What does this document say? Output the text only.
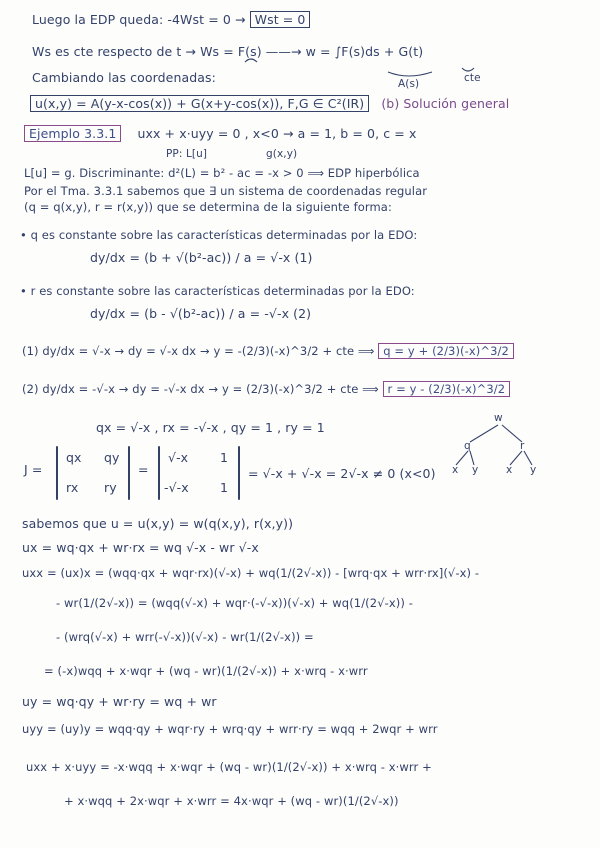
Luego la EDP queda: -4Wst = 0 → Wst = 0
Ws es cte respecto de t → Ws = F(s) ——→ w = ∫F(s)ds + G(t)
A(s)	cte
Cambiando las coordenadas:
u(x,y) = A(y-x-cos(x)) + G(x+y-cos(x)), F,G ∈ C²(IR) (b) Solución general
Ejemplo 3.3.1 uxx + x·uyy = 0 , x<0 → a = 1, b = 0, c = x
PP: L[u]	g(x,y)
L[u] = g. Discriminante: d²(L) = b² - ac = -x > 0 ⟹ EDP hiperbólica
Por el Tma. 3.3.1 sabemos que ∃ un sistema de coordenadas regular
(q = q(x,y), r = r(x,y)) que se determina de la siguiente forma:
• q es constante sobre las características determinadas por la EDO:
dy/dx = (b + √(b²-ac)) / a = √-x (1)
• r es constante sobre las características determinadas por la EDO:
dy/dx = (b - √(b²-ac)) / a = -√-x (2)
(1) dy/dx = √-x → dy = √-x dx → y = -(2/3)(-x)^3/2 + cte ⟹ q = y + (2/3)(-x)^3/2
(2) dy/dx = -√-x → dy = -√-x dx → y = (2/3)(-x)^3/2 + cte ⟹ r = y - (2/3)(-x)^3/2
qx = √-x , rx = -√-x , qy = 1 , ry = 1
w
q	r
x y	x y
J =
qx qy
rx ry
=
√-x	1
-√-x 1
= √-x + √-x = 2√-x ≠ 0 (x<0)
sabemos que u = u(x,y) = w(q(x,y), r(x,y))
ux = wq·qx + wr·rx = wq √-x - wr √-x
uxx = (ux)x = (wqq·qx + wqr·rx)(√-x) + wq(1/(2√-x)) - [wrq·qx + wrr·rx](√-x) -
- wr(1/(2√-x)) = (wqq(√-x) + wqr·(-√-x))(√-x) + wq(1/(2√-x)) -
- (wrq(√-x) + wrr(-√-x))(√-x) - wr(1/(2√-x)) =
= (-x)wqq + x·wqr + (wq - wr)(1/(2√-x)) + x·wrq - x·wrr
uy = wq·qy + wr·ry = wq + wr
uyy = (uy)y = wqq·qy + wqr·ry + wrq·qy + wrr·ry = wqq + 2wqr + wrr
uxx + x·uyy = -x·wqq + x·wqr + (wq - wr)(1/(2√-x)) + x·wrq - x·wrr +
+ x·wqq + 2x·wqr + x·wrr = 4x·wqr + (wq - wr)(1/(2√-x))
